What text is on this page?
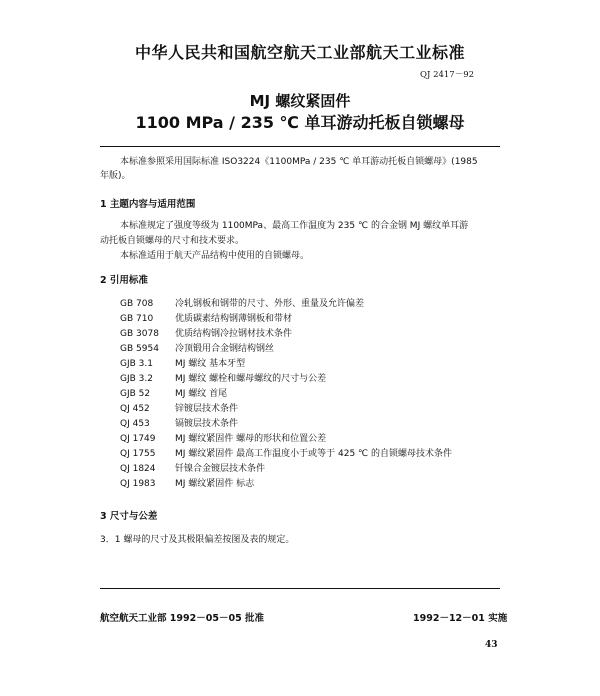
中华人民共和国航空航天工业部航天工业标准
QJ 2417－92
MJ 螺纹紧固件
1100 MPa / 235 ℃ 单耳游动托板自锁螺母
本标准参照采用国际标准 ISO3224《1100MPa / 235 ℃ 单耳游动托板自锁螺母》(1985
年版)。
1 主题内容与适用范围
本标准规定了强度等级为 1100MPa、最高工作温度为 235 ℃ 的合金钢 MJ 螺纹单耳游
动托板自锁螺母的尺寸和技术要求。
本标准适用于航天产品结构中使用的自锁螺母。
2 引用标准
GB 708 冷轧钢板和钢带的尺寸、外形、重量及允许偏差
GB 710 优质碳素结构钢薄钢板和带材
GB 3078 优质结构钢冷拉钢材技术条件
GB 5954 冷顶锻用合金钢结构钢丝
GJB 3.1 MJ 螺纹 基本牙型
GJB 3.2 MJ 螺纹 螺栓和螺母螺纹的尺寸与公差
GJB 52	MJ 螺纹 首尾
QJ 452	锌镀层技术条件
QJ 453	镉镀层技术条件
QJ 1749 MJ 螺纹紧固件 螺母的形状和位置公差
QJ 1755 MJ 螺纹紧固件 最高工作温度小于或等于 425 ℃ 的自锁螺母技术条件
QJ 1824 钎镍合金镀层技术条件
QJ 1983 MJ 螺纹紧固件 标志
3 尺寸与公差
3．1 螺母的尺寸及其极限偏差按图及表的规定。
航空航天工业部 1992－05－05 批准	1992－12－01 实施
43
